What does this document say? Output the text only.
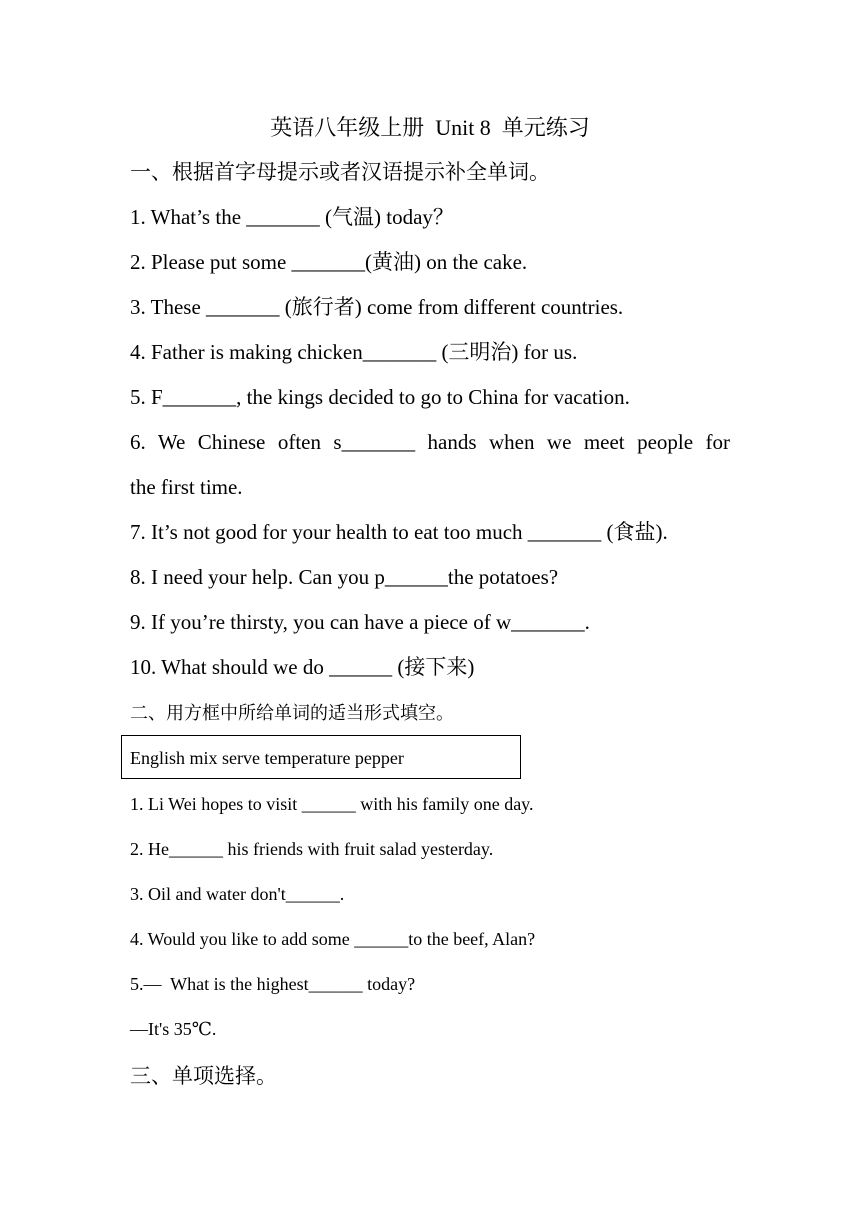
英语八年级上册  Unit 8  单元练习
一、根据首字母提示或者汉语提示补全单词。
1. What’s the _______ (气温) today？
2. Please put some _______(黄油) on the cake.
3. These _______ (旅行者) come from different countries.
4. Father is making chicken_______ (三明治) for us.
5. F_______, the kings decided to go to China for vacation.
6. We Chinese often s_______ hands when we meet people for
the first time.
7. It’s not good for your health to eat too much _______ (食盐).
8. I need your help. Can you p______the potatoes?
9. If you’re thirsty, you can have a piece of w_______.
10. What should we do ______ (接下来)
二、用方框中所给单词的适当形式填空。
English mix serve temperature pepper
1. Li Wei hopes to visit ______ with his family one day.
2. He______ his friends with fruit salad yesterday.
3. Oil and water don't______.
4. Would you like to add some ______to the beef, Alan?
5.—  What is the highest______ today?
—It's 35℃.
三、单项选择。
